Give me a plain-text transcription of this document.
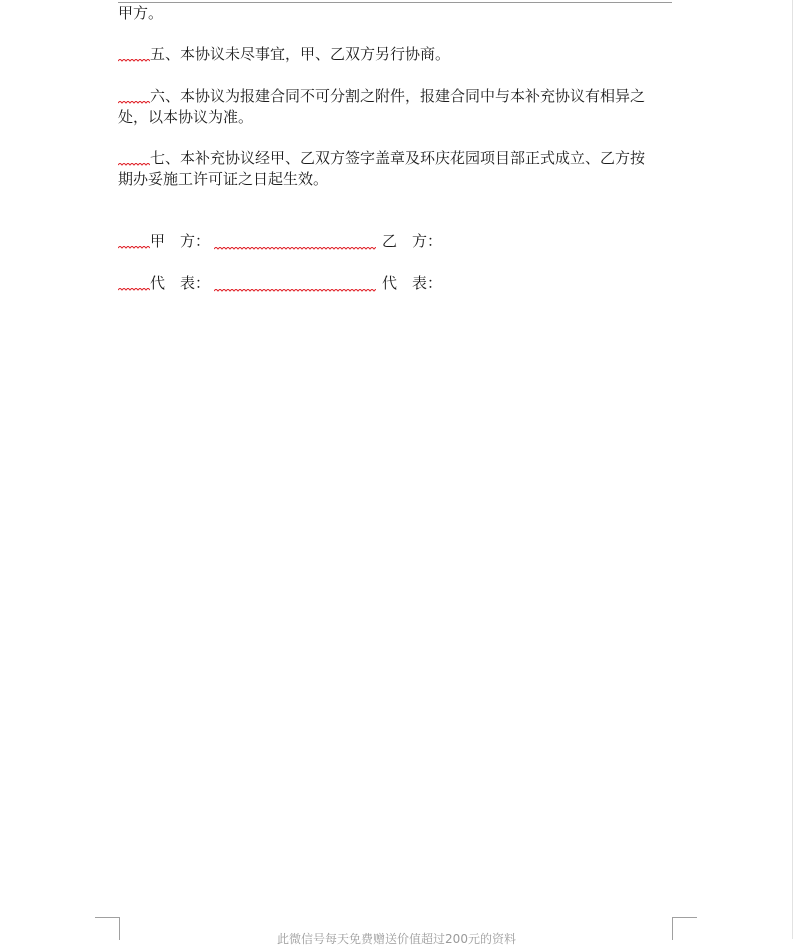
甲方。
五、本协议未尽事宜，甲、乙双方另行协商。
六、本协议为报建合同不可分割之附件，报建合同中与本补充协议有相异之
处，以本协议为准。
七、本补充协议经甲、乙双方签字盖章及环庆花园项目部正式成立、乙方按
期办妥施工许可证之日起生效。
甲　方：	乙　方：
代　表：	代　表：
此微信号每天免费赠送价值超过200元的资料
